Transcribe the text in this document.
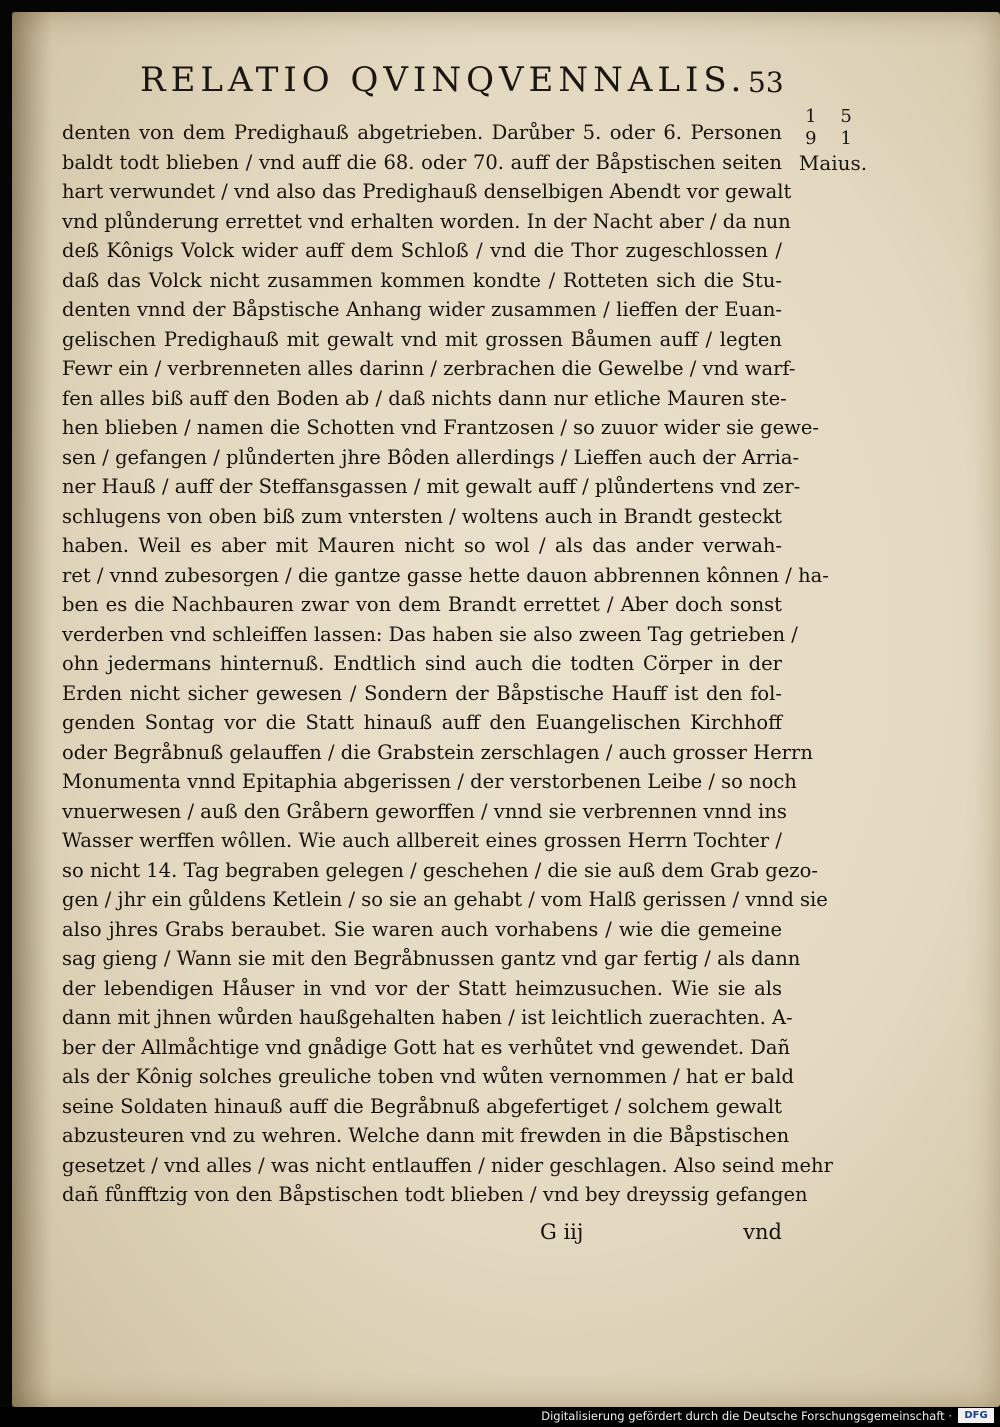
RELATIO QVINQVENNALIS. 53
1 5 9 1
Maius.
denten von dem Predighauß abgetrieben. Darůber 5. oder 6. Personen
baldt todt blieben / vnd auff die 68. oder 70. auff der Båpstischen seiten
hart verwundet / vnd also das Predighauß denselbigen Abendt vor gewalt
vnd plůnderung errettet vnd erhalten worden. In der Nacht aber / da nun
deß Kônigs Volck wider auff dem Schloß / vnd die Thor zugeschlossen /
daß das Volck nicht zusammen kommen kondte / Rotteten sich die Stu-
denten vnnd der Båpstische Anhang wider zusammen / lieffen der Euan-
gelischen Predighauß mit gewalt vnd mit grossen Båumen auff / legten
Fewr ein / verbrenneten alles darinn / zerbrachen die Gewelbe / vnd warf-
fen alles biß auff den Boden ab / daß nichts dann nur etliche Mauren ste-
hen blieben / namen die Schotten vnd Frantzosen / so zuuor wider sie gewe-
sen / gefangen / plůnderten jhre Bôden allerdings / Lieffen auch der Arria-
ner Hauß / auff der Steffansgassen / mit gewalt auff / plůndertens vnd zer-
schlugens von oben biß zum vntersten / woltens auch in Brandt gesteckt
haben. Weil es aber mit Mauren nicht so wol / als das ander verwah-
ret / vnnd zubesorgen / die gantze gasse hette dauon abbrennen kônnen / ha-
ben es die Nachbauren zwar von dem Brandt errettet / Aber doch sonst
verderben vnd schleiffen lassen: Das haben sie also zween Tag getrieben /
ohn jedermans hinternuß. Endtlich sind auch die todten Cörper in der
Erden nicht sicher gewesen / Sondern der Båpstische Hauff ist den fol-
genden Sontag vor die Statt hinauß auff den Euangelischen Kirchhoff
oder Begråbnuß gelauffen / die Grabstein zerschlagen / auch grosser Herrn
Monumenta vnnd Epitaphia abgerissen / der verstorbenen Leibe / so noch
vnuerwesen / auß den Gråbern geworffen / vnnd sie verbrennen vnnd ins
Wasser werffen wôllen. Wie auch allbereit eines grossen Herrn Tochter /
so nicht 14. Tag begraben gelegen / geschehen / die sie auß dem Grab gezo-
gen / jhr ein gůldens Ketlein / so sie an gehabt / vom Halß gerissen / vnnd sie
also jhres Grabs beraubet. Sie waren auch vorhabens / wie die gemeine
sag gieng / Wann sie mit den Begråbnussen gantz vnd gar fertig / als dann
der lebendigen Håuser in vnd vor der Statt heimzusuchen. Wie sie als
dann mit jhnen wůrden haußgehalten haben / ist leichtlich zuerachten. A-
ber der Allmåchtige vnd gnådige Gott hat es verhůtet vnd gewendet. Dañ
als der Kônig solches greuliche toben vnd wůten vernommen / hat er bald
seine Soldaten hinauß auff die Begråbnuß abgefertiget / solchem gewalt
abzusteuren vnd zu wehren. Welche dann mit frewden in die Båpstischen
gesetzet / vnd alles / was nicht entlauffen / nider geschlagen. Also seind mehr
dañ fůnfftzig von den Båpstischen todt blieben / vnd bey dreyssig gefangen
G iij	vnd
Digitalisierung gefördert durch die Deutsche Forschungsgemeinschaft ·	DFG
